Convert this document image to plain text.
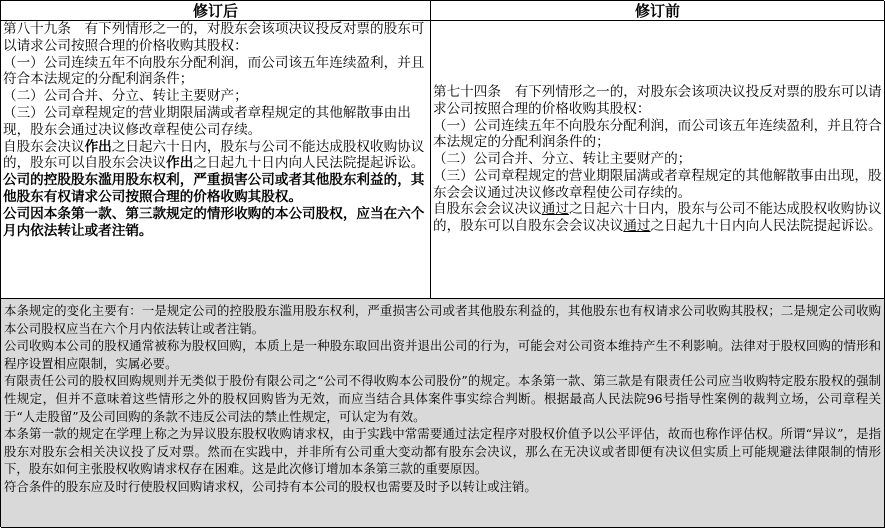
修订后	修订前

第八十九条　有下列情形之一的，对股东会该项决议投反对票的股东可以请求公司按照合理的价格收购其股权：

（一）公司连续五年不向股东分配利润，而公司该五年连续盈利，并且符合本法规定的分配利润条件；

（二）公司合并、分立、转让主要财产；

（三）公司章程规定的营业期限届满或者章程规定的其他解散事由出现，股东会通过决议修改章程使公司存续。

自股东会决议作出之日起六十日内，股东与公司不能达成股权收购协议的，股东可以自股东会决议作出之日起九十日内向人民法院提起诉讼。

公司的控股股东滥用股东权利，严重损害公司或者其他股东利益的，其他股东有权请求公司按照合理的价格收购其股权。

公司因本条第一款、第三款规定的情形收购的本公司股权，应当在六个月内依法转让或者注销。

第七十四条　有下列情形之一的，对股东会该项决议投反对票的股东可以请求公司按照合理的价格收购其股权：

（一）公司连续五年不向股东分配利润，而公司该五年连续盈利，并且符合本法规定的分配利润条件的；

（二）公司合并、分立、转让主要财产的；

（三）公司章程规定的营业期限届满或者章程规定的其他解散事由出现，股东会会议通过决议修改章程使公司存续的。

自股东会会议决议通过之日起六十日内，股东与公司不能达成股权收购协议的，股东可以自股东会会议决议通过之日起九十日内向人民法院提起诉讼。

本条规定的变化主要有：一是规定公司的控股股东滥用股东权利，严重损害公司或者其他股东利益的，其他股东也有权请求公司收购其股权；二是规定公司收购本公司股权应当在六个月内依法转让或者注销。

公司收购本公司的股权通常被称为股权回购，本质上是一种股东取回出资并退出公司的行为，可能会对公司资本维持产生不利影响。法律对于股权回购的情形和程序设置相应限制，实属必要。

有限责任公司的股权回购规则并无类似于股份有限公司之“公司不得收购本公司股份”的规定。本条第一款、第三款是有限责任公司应当收购特定股东股权的强制性规定，但并不意味着这些情形之外的股权回购皆为无效，而应当结合具体案件事实综合判断。根据最高人民法院96号指导性案例的裁判立场，公司章程关于“人走股留”及公司回购的条款不违反公司法的禁止性规定，可认定为有效。

本条第一款的规定在学理上称之为异议股东股权收购请求权，由于实践中常需要通过法定程序对股权价值予以公平评估，故而也称作评估权。所谓“异议”，是指股东对股东会相关决议投了反对票。然而在实践中，并非所有公司重大变动都有股东会决议，那么在无决议或者即便有决议但实质上可能规避法律限制的情形下，股东如何主张股权收购请求权存在困难。这是此次修订增加本条第三款的重要原因。

符合条件的股东应及时行使股权回购请求权，公司持有本公司的股权也需要及时予以转让或注销。
